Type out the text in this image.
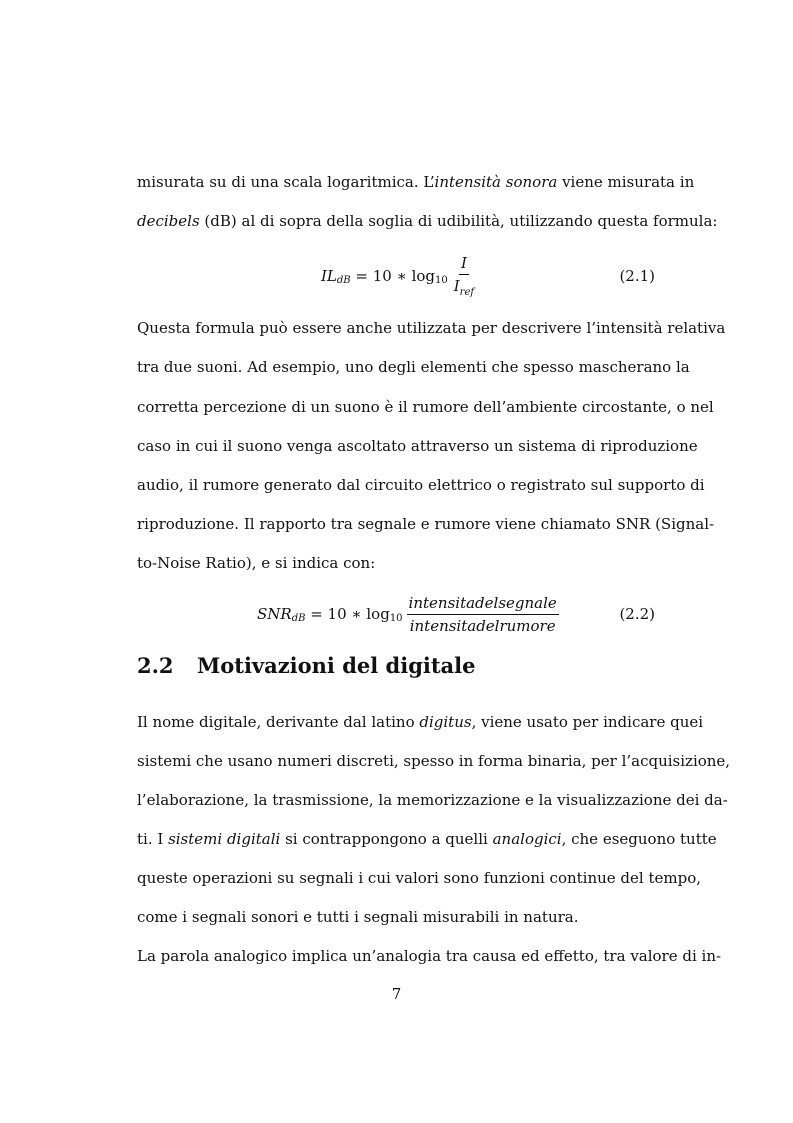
misurata su di una scala logaritmica. L’intensità sonora viene misurata in
decibels (dB) al di sopra della soglia di udibilità, utilizzando questa formula:
IL dB = 10 ∗ $\log 10 \frac{I}{I_{ref}}$	(2.1)
Questa formula può essere anche utilizzata per descrivere l’intensità relativa
tra due suoni. Ad esempio, uno degli elementi che spesso mascherano la
corretta percezione di un suono è il rumore dell’ambiente circostante, o nel
caso in cui il suono venga ascoltato attraverso un sistema di riproduzione
audio, il rumore generato dal circuito elettrico o registrato sul supporto di
riproduzione. Il rapporto tra segnale e rumore viene chiamato SNR (Signal-
to-Noise Ratio), e si indica con:
SNR dB = 10 ∗ $\log 10 \frac{\text{intensitadelsegnale}}{\text{intensitadelrumore}}$	(2.2)
2.2 Motivazioni del digitale
Il nome digitale, derivante dal latino digitus, viene usato per indicare quei
sistemi che usano numeri discreti, spesso in forma binaria, per l’acquisizione,
l’elaborazione, la trasmissione, la memorizzazione e la visualizzazione dei da-
ti. I sistemi digitali si contrappongono a quelli analogici, che eseguono tutte
queste operazioni su segnali i cui valori sono funzioni continue del tempo,
come i segnali sonori e tutti i segnali misurabili in natura.
La parola analogico implica un’analogia tra causa ed effetto, tra valore di in-
7
